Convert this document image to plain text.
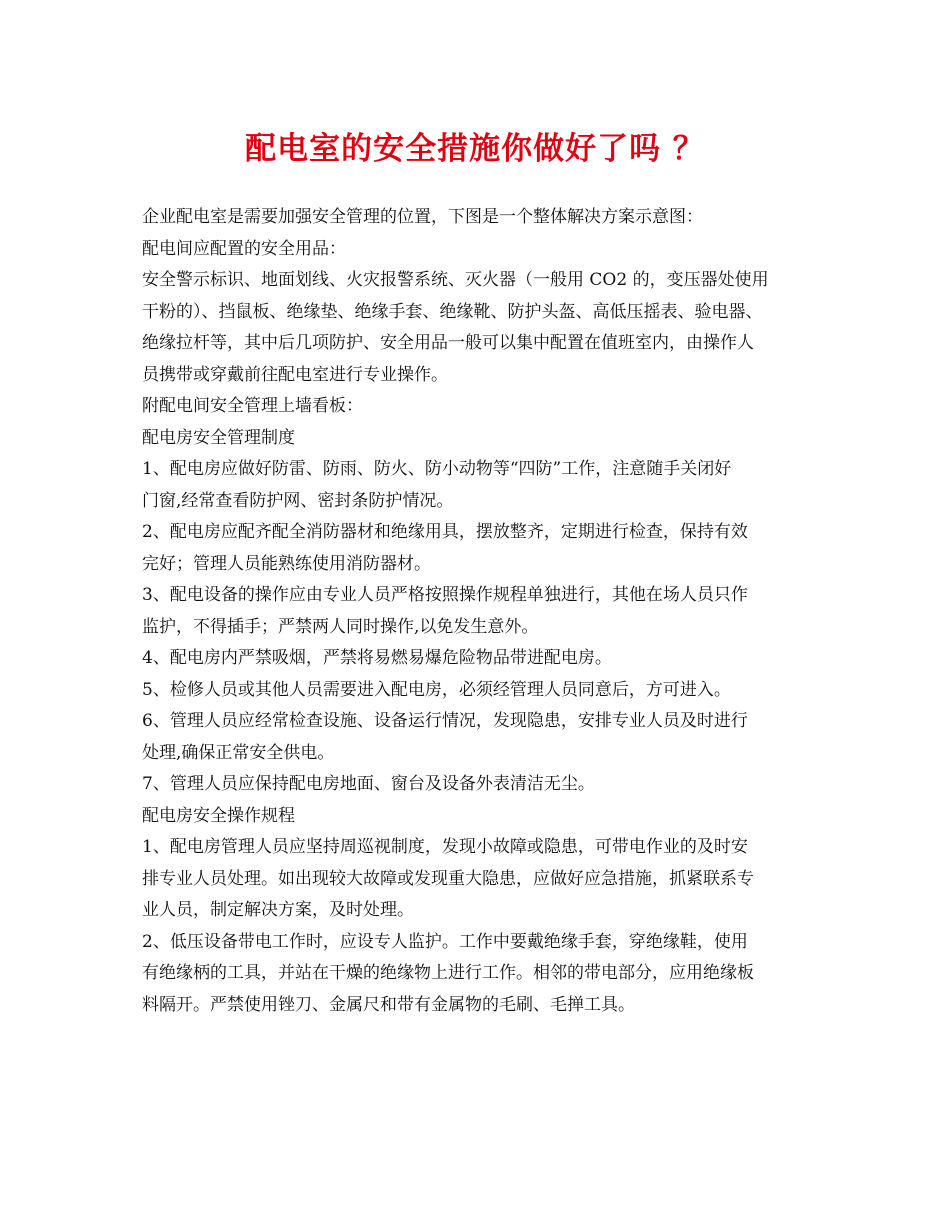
配电室的安全措施你做好了吗 ？
企业配电室是需要加强安全管理的位置，下图是一个整体解决方案示意图：
配电间应配置的安全用品：
安全警示标识、地面划线、火灾报警系统、灭火器（一般用 CO2 的，变压器处使用
干粉的）、挡鼠板、绝缘垫、绝缘手套、绝缘靴、防护头盔、高低压摇表、验电器、
绝缘拉杆等，其中后几项防护、安全用品一般可以集中配置在值班室内，由操作人
员携带或穿戴前往配电室进行专业操作。
附配电间安全管理上墙看板：
配电房安全管理制度
1、配电房应做好防雷、防雨、防火、防小动物等“四防”工作，注意随手关闭好
门窗,经常查看防护网、密封条防护情况。
2、配电房应配齐配全消防器材和绝缘用具，摆放整齐，定期进行检查，保持有效
完好；管理人员能熟练使用消防器材。
3、配电设备的操作应由专业人员严格按照操作规程单独进行，其他在场人员只作
监护，不得插手；严禁两人同时操作,以免发生意外。
4、配电房内严禁吸烟，严禁将易燃易爆危险物品带进配电房。
5、检修人员或其他人员需要进入配电房，必须经管理人员同意后，方可进入。
6、管理人员应经常检查设施、设备运行情况，发现隐患，安排专业人员及时进行
处理,确保正常安全供电。
7、管理人员应保持配电房地面、窗台及设备外表清洁无尘。
配电房安全操作规程
1、配电房管理人员应坚持周巡视制度，发现小故障或隐患，可带电作业的及时安
排专业人员处理。如出现较大故障或发现重大隐患，应做好应急措施，抓紧联系专
业人员，制定解决方案，及时处理。
2、低压设备带电工作时，应设专人监护。工作中要戴绝缘手套，穿绝缘鞋，使用
有绝缘柄的工具，并站在干燥的绝缘物上进行工作。相邻的带电部分，应用绝缘板
料隔开。严禁使用锉刀、金属尺和带有金属物的毛刷、毛掸工具。
